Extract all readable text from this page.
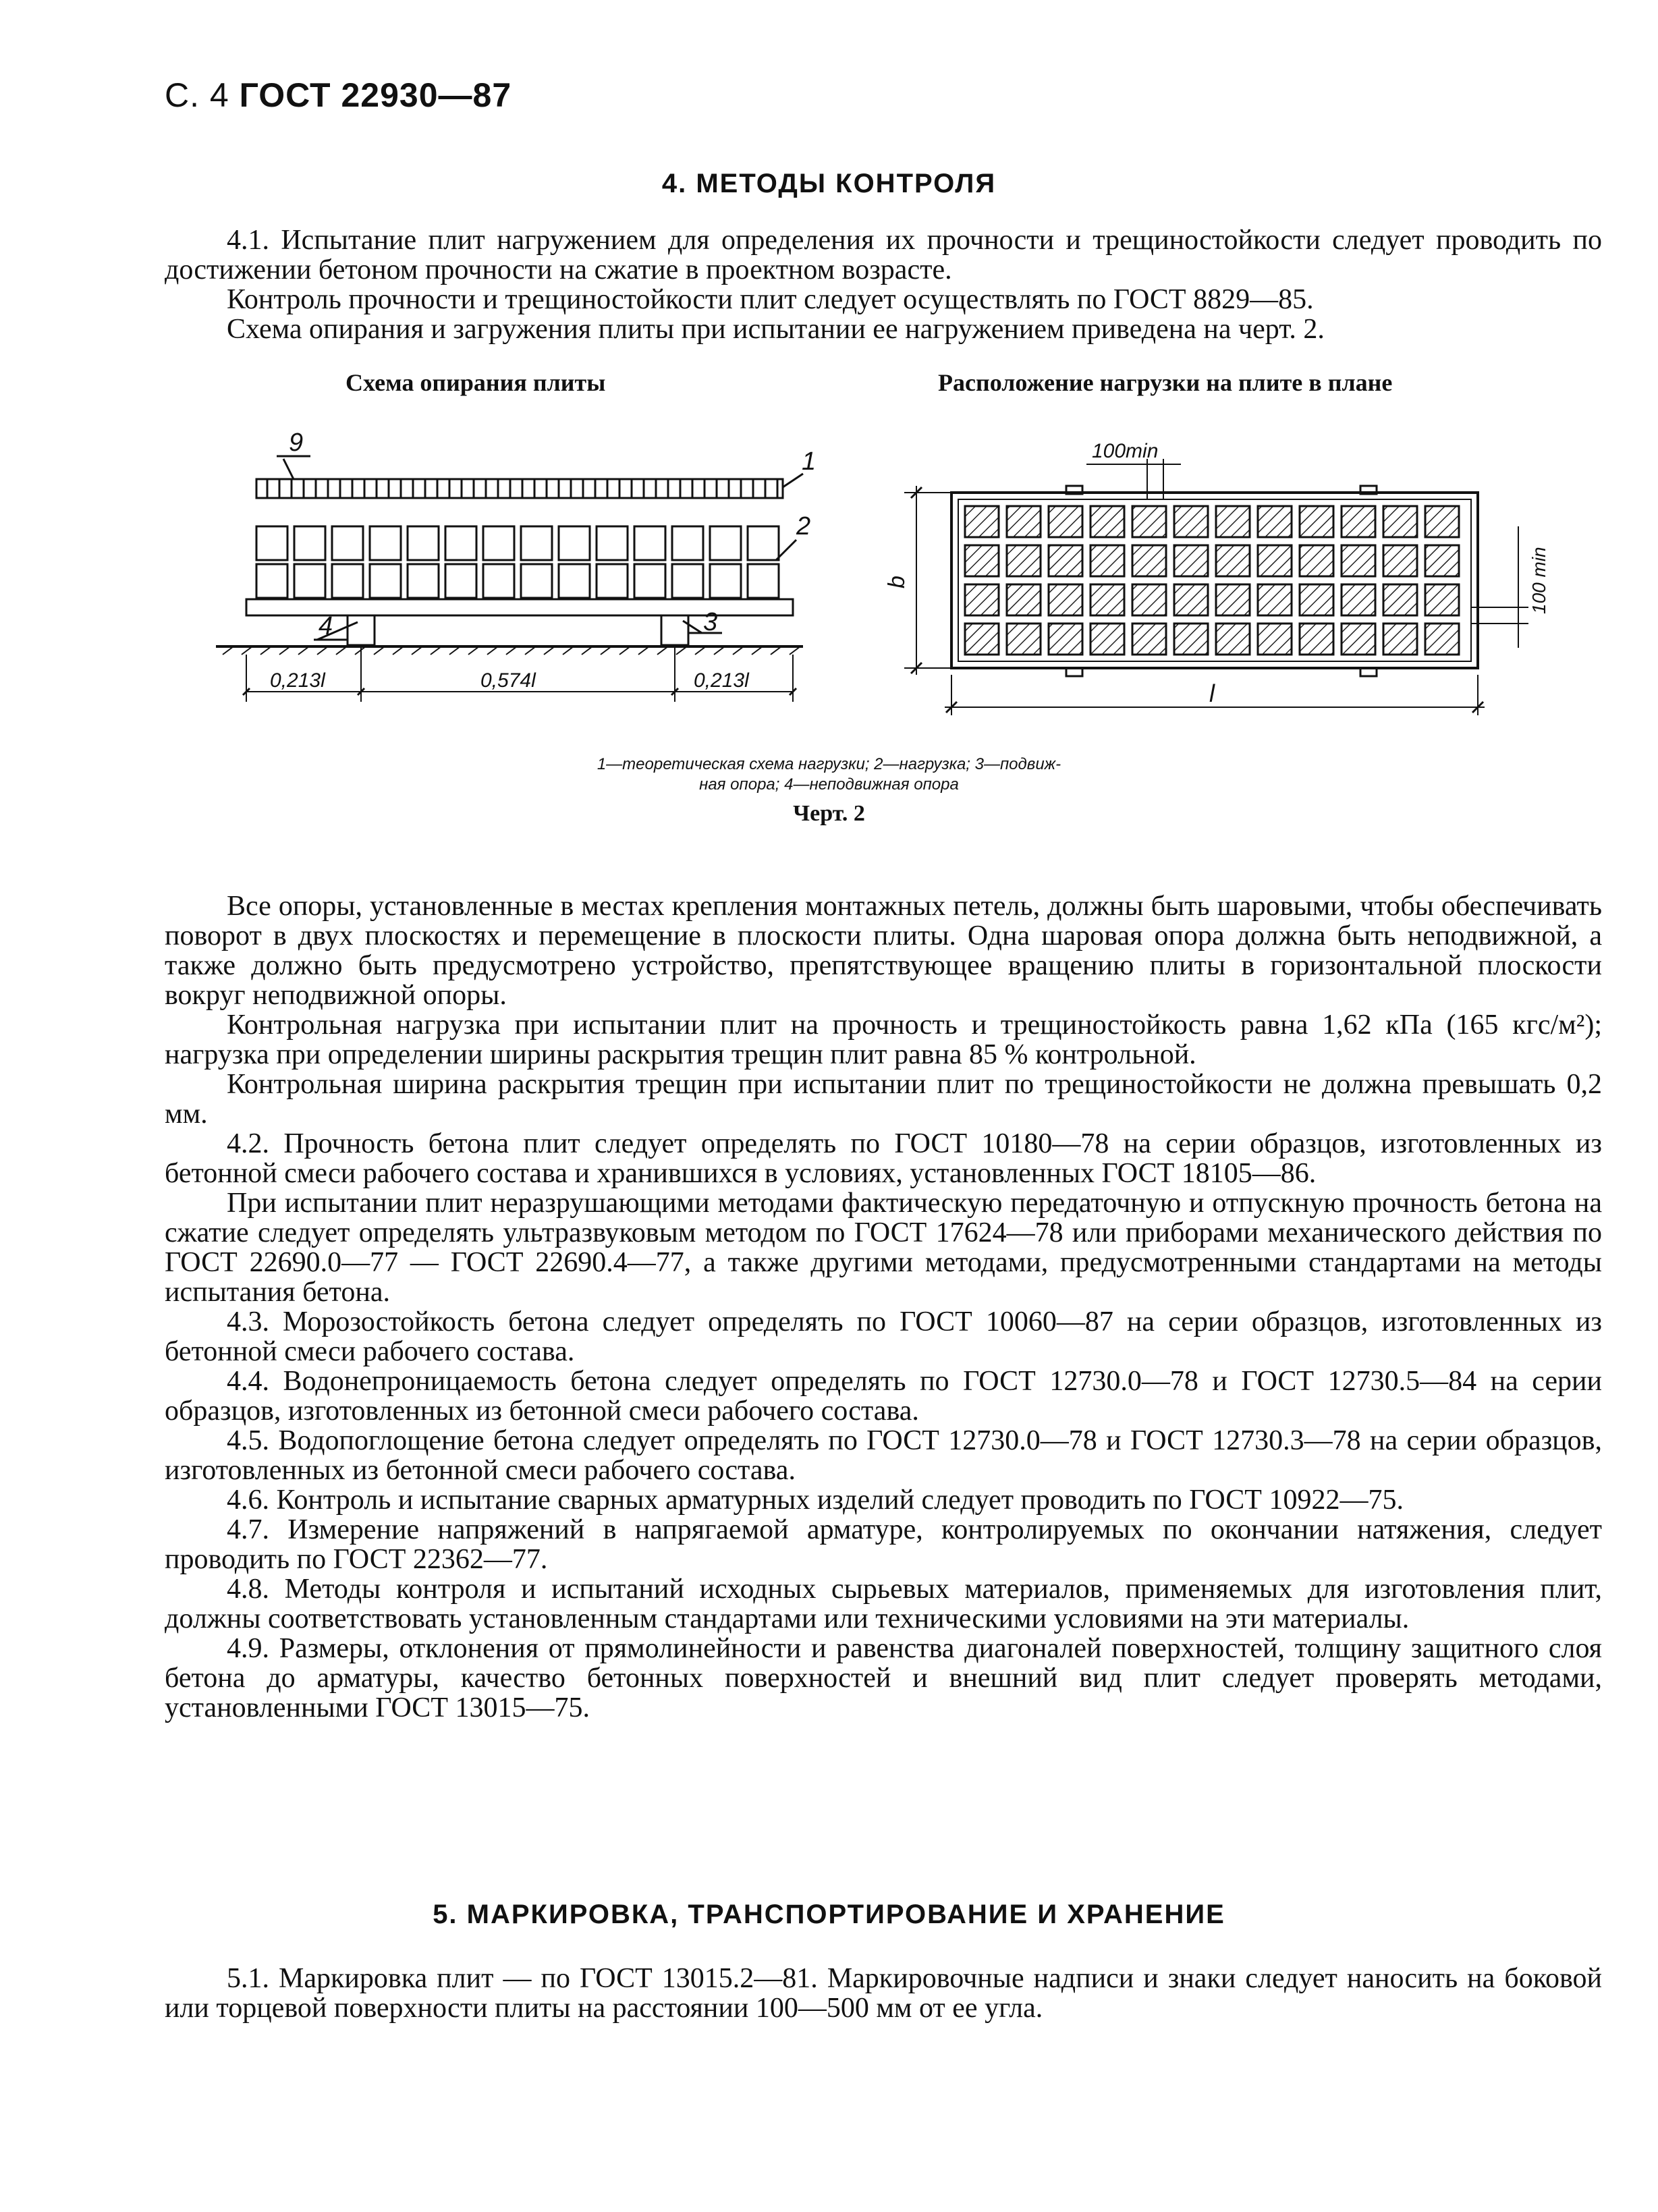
С. 4 ГОСТ 22930—87
4. МЕТОДЫ КОНТРОЛЯ

4.1. Испытание плит нагружением для определения их прочности и трещиностойкости следует проводить по достижении бетоном прочности на сжатие в проектном возрасте.

Контроль прочности и трещиностойкости плит следует осуществлять по ГОСТ 8829—85.

Схема опирания и загружения плиты при испытании ее нагружением приведена на черт. 2.

Схема опирания плиты	Расположение нагрузки на плите в плане
9
1
2
4	3
0,213l	0,574l	0,213l
100min
100 min
b
l
1—теоретическая схема нагрузки; 2—нагрузка; 3—подвиж-
ная опора; 4—неподвижная опора
Черт. 2

Все опоры, установленные в местах крепления монтажных петель, должны быть шаровыми, чтобы обеспечивать поворот в двух плоскостях и перемещение в плоскости плиты. Одна шаровая опора должна быть неподвижной, а также должно быть предусмотрено устройство, препятствующее вращению плиты в горизонтальной плоскости вокруг неподвижной опоры.

Контрольная нагрузка при испытании плит на прочность и трещиностойкость равна 1,62 кПа (165 кгс/м²); нагрузка при определении ширины раскрытия трещин плит равна 85 % контрольной.

Контрольная ширина раскрытия трещин при испытании плит по трещиностойкости не должна превышать 0,2 мм.

4.2. Прочность бетона плит следует определять по ГОСТ 10180—78 на серии образцов, изготовленных из бетонной смеси рабочего состава и хранившихся в условиях, установленных ГОСТ 18105—86.

При испытании плит неразрушающими методами фактическую передаточную и отпускную прочность бетона на сжатие следует определять ультразвуковым методом по ГОСТ 17624—78 или приборами механического действия по ГОСТ 22690.0—77 — ГОСТ 22690.4—77, а также другими методами, предусмотренными стандартами на методы испытания бетона.

4.3. Морозостойкость бетона следует определять по ГОСТ 10060—87 на серии образцов, изготовленных из бетонной смеси рабочего состава.

4.4. Водонепроницаемость бетона следует определять по ГОСТ 12730.0—78 и ГОСТ 12730.5—84 на серии образцов, изготовленных из бетонной смеси рабочего состава.

4.5. Водопоглощение бетона следует определять по ГОСТ 12730.0—78 и ГОСТ 12730.3—78 на серии образцов, изготовленных из бетонной смеси рабочего состава.

4.6. Контроль и испытание сварных арматурных изделий следует проводить по ГОСТ 10922—75.

4.7. Измерение напряжений в напрягаемой арматуре, контролируемых по окончании натяжения, следует проводить по ГОСТ 22362—77.

4.8. Методы контроля и испытаний исходных сырьевых материалов, применяемых для изготовления плит, должны соответствовать установленным стандартами или техническими условиями на эти материалы.

4.9. Размеры, отклонения от прямолинейности и равенства диагоналей поверхностей, толщину защитного слоя бетона до арматуры, качество бетонных поверхностей и внешний вид плит следует проверять методами, установленными ГОСТ 13015—75.

5. МАРКИРОВКА, ТРАНСПОРТИРОВАНИЕ И ХРАНЕНИЕ

5.1. Маркировка плит — по ГОСТ 13015.2—81. Маркировочные надписи и знаки следует наносить на боковой или торцевой поверхности плиты на расстоянии 100—500 мм от ее угла.
